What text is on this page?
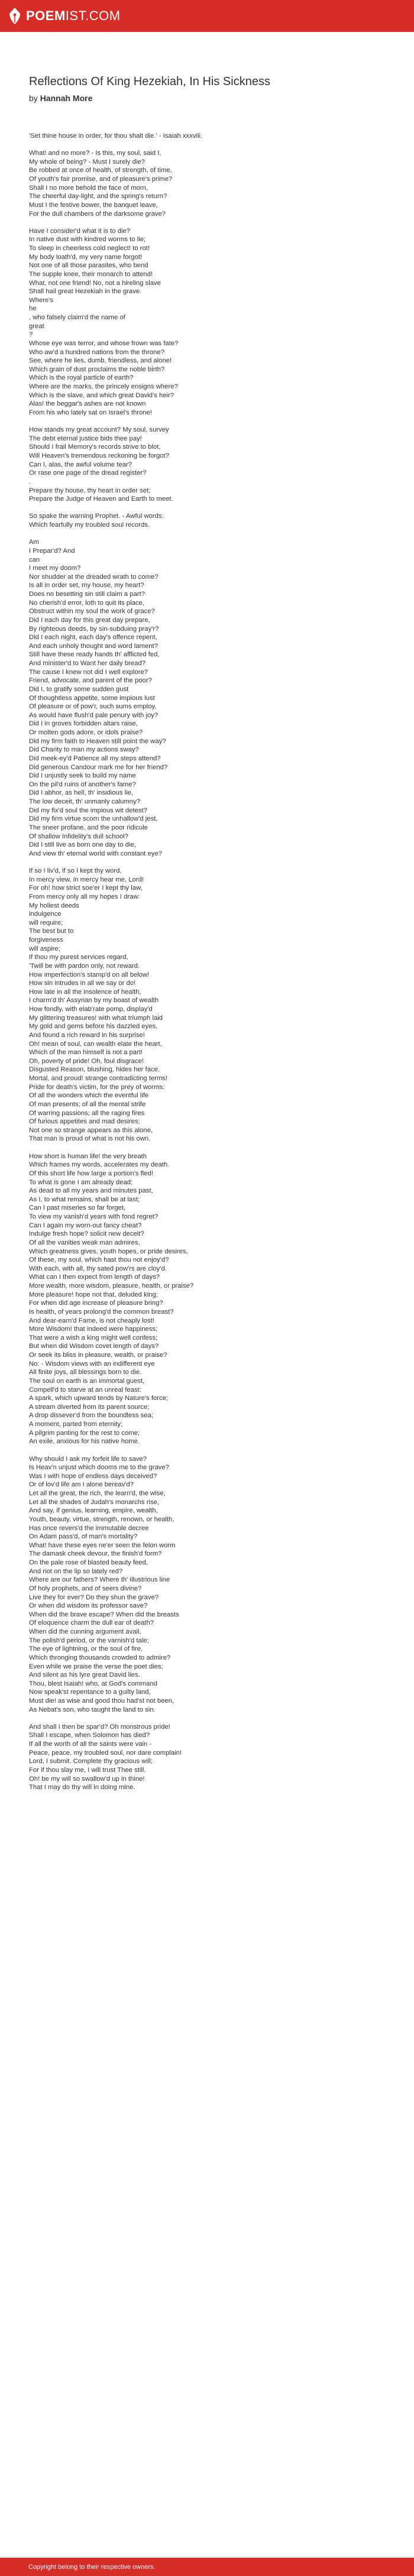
POEMIST.COM
Reflections Of King Hezekiah, In His Sickness
by Hannah More
'Set thine house in order, for thou shalt die.' - Isaiah xxxviii.
What! and no more? - Is this, my soul, said I,
My whole of being? - Must I surely die?
Be robbed at once of health, of strength, of time,
Of youth's fair promise, and of pleasure's prime?
Shall I no more behold the face of morn,
The cheerful day-light, and the spring's return?
Must I the festive bower, the banquet leave,
For the dull chambers of the darksome grave?
Have I consider'd what it is to die?
In native dust with kindred worms to lie;
To sleep in cheerless cold neglect! to rot!
My body loath'd, my very name forgot!
Not one of all those parasites, who bend
The supple knee, their monarch to attend!
What, not one friend! No, not a hireling slave
Shall hail great Hezekiah in the grave.
Where's
he
, who falsely claim'd the name of
great
?
Whose eye was terror, and whose frown was fate?
Who aw'd a hundred nations from the throne?
See, where he lies, dumb, friendless, and alone!
Which grain of dust proclaims the noble birth?
Which is the royal particle of earth?
Where are the marks, the princely ensigns where?
Which is the slave, and which great David's heir?
Alas! the beggar's ashes are not known
From his who lately sat on Israel's throne!
How stands my great account? My soul, survey
The debt eternal justice bids thee pay!
Should I frail Memory's records strive to blot,
Will Heaven's tremendous reckoning be forgot?
Can I, alas, the awful volume tear?
Or rase one page of the dread register?
.
Prepare thy house, thy heart in order set;
Prepare the Judge of Heaven and Earth to meet.
So spake the warning Prophet. - Awful words:
Which fearfully my troubled soul records.
Am
I Prepar'd? And
can
I meet my doom?
Nor shudder at the dreaded wrath to come?
Is all in order set, my house, my heart?
Does no besetting sin still claim a part?
No cherish'd error, loth to quit its place,
Obstruct within my soul the work of grace?
Did I each day for this great day prepare,
By righteous deeds, by sin-subduing pray'r?
Did I each night, each day's offence repent,
And each unholy thought and word lament?
Still have these ready hands th' afflicted fed,
And minister'd to Want her daily bread?
The cause I knew not did I well explore?
Friend, advocate, and parent of the poor?
Did I, to gratify some sudden gust
Of thoughtless appetite, some impious lust
Of pleasure or of pow'r, such sums employ,
As would have flush'd pale penury with joy?
Did I in groves forbidden altars raise,
Or molten gods adore, or idols praise?
Did my firm faith to Heaven still point the way?
Did Charity to man my actions sway?
Did meek-ey'd Patience all my steps attend?
Did generous Candour mark me for her friend?
Did I unjustly seek to build my name
On the pil'd ruins of another's fame?
Did I abhor, as hell, th' insidious lie,
The low deceit, th' unmanly calumny?
Did my fix'd soul the impious wit detest?
Did my firm virtue scorn the unhallow'd jest,
The sneer profane, and the poor ridicule
Of shallow Infidelity's dull school?
Did I still live as born one day to die,
And view th' eternal world with constant eye?
If so I liv'd, if so I kept thy word,
In mercy view, in mercy hear me, Lord!
For oh! how strict soe'er I kept thy law,
From mercy only all my hopes I draw:
My holiest deeds
indulgence
will require;
The best but to
forgiveness
will aspire;
If thou my purest services regard,
'Twill be with pardon only, not reward.
How imperfection's stamp'd on all below!
How sin intrudes in all we say or do!
How late in all the insolence of health,
I charm'd th' Assyrian by my boast of wealth
How fondly, with elab'rate pomp, display'd
My glittering treasures! with what triumph laid
My gold and gems before his dazzled eyes,
And found a rich reward in his surprise!
Oh! mean of soul, can wealth elate the heart,
Which of the man himself is not a part!
Oh, poverty of pride! Oh, foul disgrace!
Disgusted Reason, blushing, hides her face.
Mortal, and proud! strange contradicting terms!
Pride for death's victim, for the prey of worms:
Of all the wonders which the eventful life
Of man presents; of all the mental strife
Of warring passions; all the raging fires
Of furious appetites and mad desires;
Not one so strange appears as this alone,
That man is proud of what is not his own.
How short is human life! the very breath
Which frames my words, accelerates my death.
Of this short life how large a portion's fled!
To what is gone I am already dead;
As dead to all my years and minutes past,
As I, to what remains, shall be at last;
Can I past miseries so far forget,
To view my vanish'd years with fond regret?
Can I again my worn-out fancy cheat?
Indulge fresh hope? solicit new deceit?
Of all the vanities weak man admires,
Which greatness gives, youth hopes, or pride desires,
Of these, my soul, which hast thou not enjoy'd?
With each, with all, thy sated pow'rs are cloy'd.
What can I then expect from length of days?
More wealth, more wisdom, pleasure, health, or praise?
More pleasure! hope not that, deluded king;
For when did age increase of pleasure bring?
Is health, of years prolong'd the common breast?
And dear-earn'd Fame, is not cheaply lost!
More Wisdom! that indeed were happiness;
That were a wish a king might well confess;
But when did Wisdom covet length of days?
Or seek its bliss in pleasure, wealth, or praise?
No: - Wisdom views with an indifferent eye
All finite joys, all blessings born to die.
The soul on earth is an immortal guest,
Compell'd to starve at an unreal feast:
A spark, which upward tends by Nature's force;
A stream diverted from its parent source;
A drop dissever'd from the boundless sea;
A moment, parted from eternity;
A pilgrim panting for the rest to come;
An exile, anxious for his native home.
Why should I ask my forfeit life to save?
Is Heav'n unjust which dooms me to the grave?
Was I with hope of endless days deceived?
Or of lov'd life am I alone bereav'd?
Let all the great, the rich, the learn'd, the wise,
Let all the shades of Judah's monarchs rise,
And say, if genius, learning, empire, wealth,
Youth, beauty, virtue, strength, renown, or health,
Has once revers'd the immutable decree
On Adam pass'd, of man's mortality?
What! have these eyes ne'er seen the felon worm
The damask cheek devour, the finish'd form?
On the pale rose of blasted beauty feed,
And riot on the lip so lately red?
Where are our fathers? Where th' illustrious line
Of holy prophets, and of seers divine?
Live they for ever? Do they shun the grave?
Or when did wisdom its professor save?
When did the brave escape? When did the breasts
Of eloquence charm the dull ear of death?
When did the cunning argument avail,
The polish'd period, or the varnish'd tale;
The eye of lightning, or the soul of fire,
Which thronging thousands crowded to admire?
Even while we praise the verse the poet dies;
And silent as his lyre great David lies.
Thou, blest Isaiah! who, at God's command
Now speak'st repentance to a guilty land,
Must die! as wise and good thou had'st not been,
As Nebat's son, who taught the land to sin.
And shall I then be spar'd? Oh monstrous pride!
Shall I escape, when Solomon has died?
If all the worth of all the saints were vain -
Peace, peace, my troubled soul, nor dare complain!
Lord, I submit. Complete thy gracious will;
For if thou slay me, I will trust Thee still.
Oh! be my will so swallow'd up in thine!
That I may do thy will in doing mine.
Copyright belong to their respective owners.
